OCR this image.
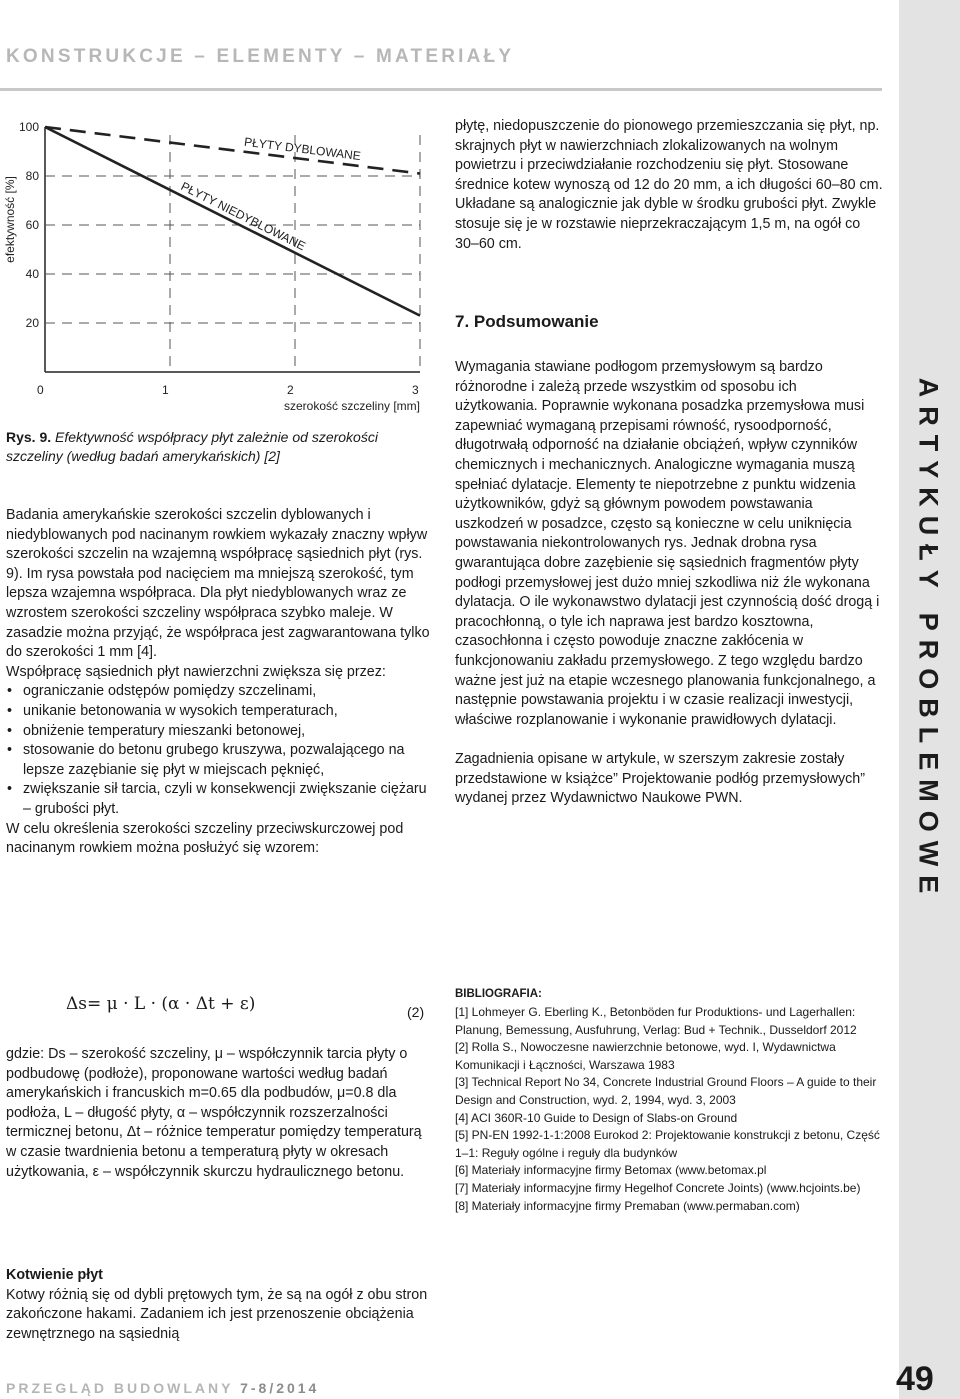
KONSTRUKCJE – ELEMENTY – MATERIAŁY
ARTYKUŁY PROBLEMOWE
49
PRZEGLĄD BUDOWLANY 7-8/2014
100
80
60
40
20
0	1	2	3
efektywność [%]
szerokość szczeliny [mm]
PŁYTY DYBLOWANE
PŁYTY NIEDYBLOWANE
Rys. 9. Efektywność współpracy płyt zależnie od szerokości szczeliny (według badań amerykańskich) [2]

Badania amerykańskie szerokości szczelin dyblowanych i niedyblowanych pod nacinanym rowkiem wykazały znaczny wpływ szerokości szczelin na wzajemną współpracę sąsiednich płyt (rys. 9). Im rysa powstała pod nacięciem ma mniejszą szerokość, tym lepsza wzajemna współpraca. Dla płyt niedyblowanych wraz ze wzrostem szerokości szczeliny współpraca szybko maleje. W zasadzie można przyjąć, że współpraca jest zagwarantowana tylko do szerokości 1 mm [4].

Współpracę sąsiednich płyt nawierzchni zwiększa się przez:

• ograniczanie odstępów pomiędzy szczelinami,
• unikanie betonowania w wysokich temperaturach,
• obniżenie temperatury mieszanki betonowej,
• stosowanie do betonu grubego kruszywa, pozwalającego na lepsze zazębianie się płyt w miejscach pęknięć,
• zwiększanie sił tarcia, czyli w konsekwencji zwiększanie ciężaru – grubości płyt.

W celu określenia szerokości szczeliny przeciwskurczowej pod nacinanym rowkiem można posłużyć się wzorem:

Δs= μ · L · (α · Δt + ε)	(2)
gdzie: Ds – szerokość szczeliny, μ – współczynnik tarcia płyty o podbudowę (podłoże), proponowane wartości według badań amerykańskich i francuskich m=0.65 dla podbudów, μ=0.8 dla podłoża, L – długość płyty, α – współczynnik rozszerzalności termicznej betonu, Δt – różnice temperatur pomiędzy temperaturą w czasie twardnienia betonu a temperaturą płyty w okresach użytkowania, ε – współczynnik skurczu hydraulicznego betonu.
Kotwienie płyt
Kotwy różnią się od dybli prętowych tym, że są na ogół z obu stron zakończone hakami. Zadaniem ich jest przenoszenie obciążenia zewnętrznego na sąsiednią
płytę, niedopuszczenie do pionowego przemieszczania się płyt, np. skrajnych płyt w nawierzchniach zlokalizowanych na wolnym powietrzu i przeciwdziałanie rozchodzeniu się płyt. Stosowane średnice kotew wynoszą od 12 do 20 mm, a ich długości 60–80 cm. Układane są analogicznie jak dyble w środku grubości płyt. Zwykle stosuje się je w rozstawie nieprzekraczającym 1,5 m, na ogół co 30–60 cm.
7. Podsumowanie

Wymagania stawiane podłogom przemysłowym są bardzo różnorodne i zależą przede wszystkim od sposobu ich użytkowania. Poprawnie wykonana posadzka przemysłowa musi zapewniać wymaganą przepisami równość, rysoodporność, długotrwałą odporność na działanie obciążeń, wpływ czynników chemicznych i mechanicznych. Analogiczne wymagania muszą spełniać dylatacje. Elementy te niepotrzebne z punktu widzenia użytkowników, gdyż są głównym powodem powstawania uszkodzeń w posadzce, często są konieczne w celu uniknięcia powstawania niekontrolowanych rys. Jednak drobna rysa gwarantująca dobre zazębienie się sąsiednich fragmentów płyty podłogi przemysłowej jest dużo mniej szkodliwa niż źle wykonana dylatacja. O ile wykonawstwo dylatacji jest czynnością dość drogą i pracochłonną, o tyle ich naprawa jest bardzo kosztowna, czasochłonna i często powoduje znaczne zakłócenia w funkcjonowaniu zakładu przemysłowego. Z tego względu bardzo ważne jest już na etapie wczesnego planowania funkcjonalnego, a następnie powstawania projektu i w czasie realizacji inwestycji, właściwe rozplanowanie i wykonanie prawidłowych dylatacji.

Zagadnienia opisane w artykule, w szerszym zakresie zostały przedstawione w książce” Projektowanie podłóg przemysłowych” wydanej przez Wydawnictwo Naukowe PWN.

BIBLIOGRAFIA:
[1] Lohmeyer G. Eberling K., Betonböden fur Produktions- und Lagerhallen: Planung, Bemessung, Ausfuhrung, Verlag: Bud + Technik., Dusseldorf 2012
[2] Rolla S., Nowoczesne nawierzchnie betonowe, wyd. I, Wydawnictwa Komunikacji i Łączności, Warszawa 1983
[3] Technical Report No 34, Concrete Industrial Ground Floors – A guide to their Design and Construction, wyd. 2, 1994, wyd. 3, 2003
[4] ACI 360R-10 Guide to Design of Slabs-on Ground
[5] PN-EN 1992-1-1:2008 Eurokod 2: Projektowanie konstrukcji z betonu, Część 1–1: Reguły ogólne i reguły dla budynków
[6] Materiały informacyjne firmy Betomax (www.betomax.pl
[7] Materiały informacyjne firmy Hegelhof Concrete Joints) (www.hcjoints.be)
[8] Materiały informacyjne firmy Premaban (www.permaban.com)
